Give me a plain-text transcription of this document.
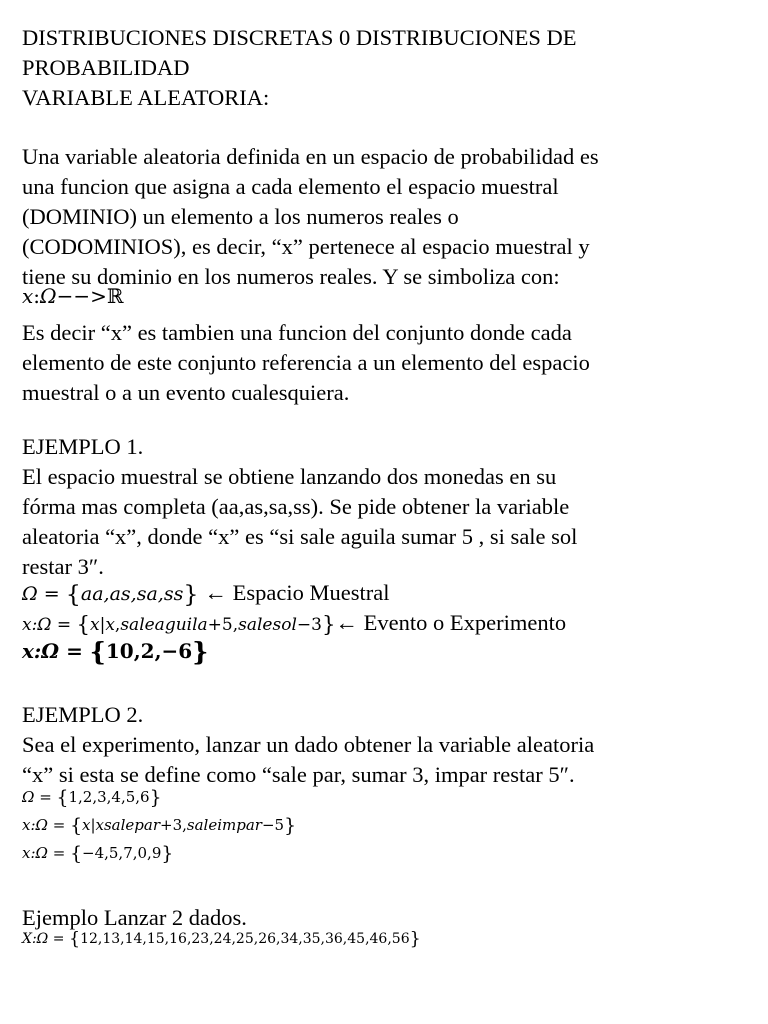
DISTRIBUCIONES DISCRETAS 0 DISTRIBUCIONES DE
PROBABILIDAD
VARIABLE ALEATORIA:
Una variable aleatoria definida en un espacio de probabilidad es
una funcion que asigna a cada elemento el espacio muestral
(DOMINIO) un elemento a los numeros reales o
(CODOMINIOS), es decir, “x” pertenece al espacio muestral y
tiene su dominio en los numeros reales. Y se simboliza con:
x:Ω−−>ℝ
Es decir “x” es tambien una funcion del conjunto donde cada
elemento de este conjunto referencia a un elemento del espacio
muestral o a un evento cualesquiera.
EJEMPLO 1.
El espacio muestral se obtiene lanzando dos monedas en su
fórma mas completa (aa,as,sa,ss). Se pide obtener la variable
aleatoria “x”, donde “x” es “si sale aguila sumar 5 , si sale sol
restar 3″.
Ω = {aa,as,sa,ss} ← Espacio Muestral
x:Ω = {x|x,saleaguila+5,salesol−3}← Evento o Experimento
x:Ω = {10,2,−6}
EJEMPLO 2.
Sea el experimento, lanzar un dado obtener la variable aleatoria
“x” si esta se define como “sale par, sumar 3, impar restar 5″.
Ω = {1,2,3,4,5,6}
x:Ω = {x|xsalepar+3,saleimpar−5}
x:Ω = {−4,5,7,0,9}
Ejemplo Lanzar 2 dados.
X:Ω = {12,13,14,15,16,23,24,25,26,34,35,36,45,46,56}
